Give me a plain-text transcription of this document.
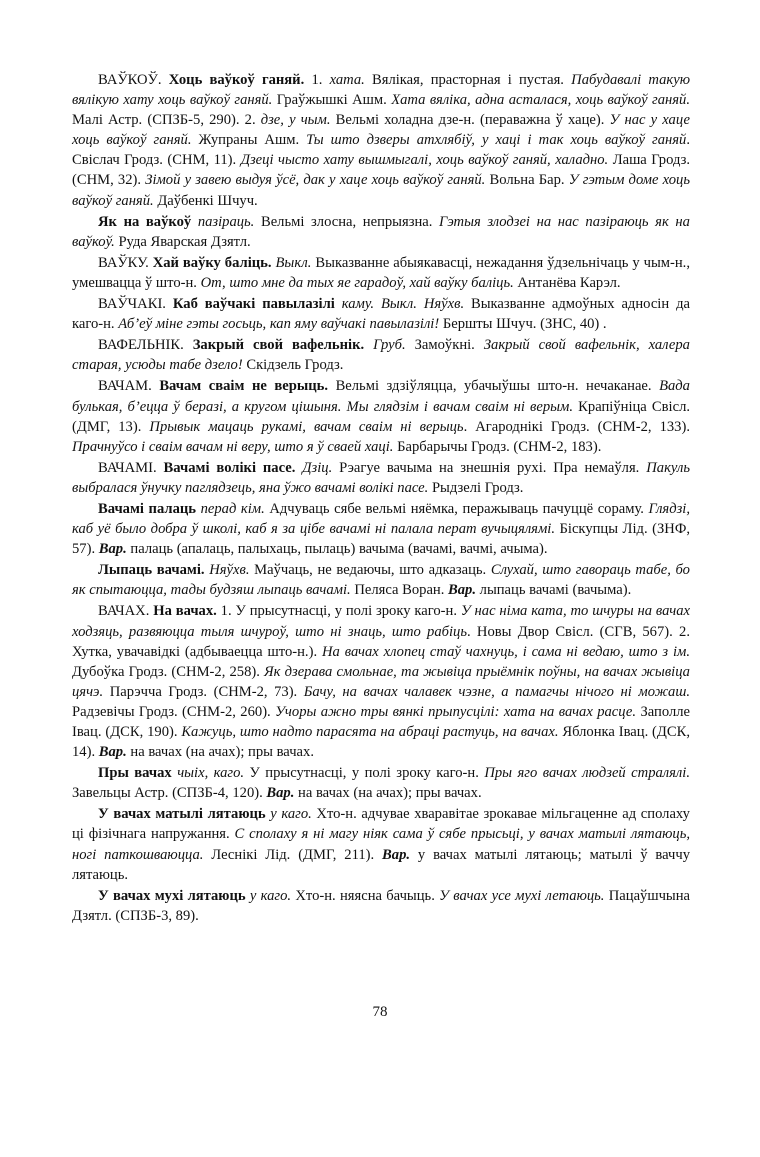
ВАЎКОЎ. Хоць ваўкоў ганяй. 1. хата. Вялікая, прасторная і пустая. Пабудавалі такую вялікую хату хоць ваўкоў ганяй. Граўжышкі Ашм. Хата вяліка, адна асталася, хоць ваўкоў ганяй. Малі Астр. (СПЗБ-5, 290). 2. дзе, у чым. Вельмі холадна дзе-н. (пераважна ў хаце). У нас у хаце хоць ваўкоў ганяй. Жупраны Ашм. Ты што дзверы атхлябіў, у хаці і так хоць ваўкоў ганяй. Свіслач Гродз. (СНМ, 11). Дзеці чысто хату вышмыгалі, хоць ваўкоў ганяй, халадно. Лаша Гродз. (СНМ, 32). Зімой у завею выдуя ўсё, дак у хаце хоць ваўкоў ганяй. Вольна Бар. У гэтым доме хоць ваўкоў ганяй. Даўбенкі Шчуч.

Як на ваўкоў пазіраць. Вельмі злосна, непрыязна. Гэтыя злодзеі на нас пазіраюць як на ваўкоў. Руда Яварская Дзятл.

ВАЎКУ. Хай ваўку баліць. Выкл. Выказванне абыякавасці, нежадання ўдзельнічаць у чым-н., умешвацца ў што-н. От, што мне да тых яе гарадоў, хай ваўку баліць. Антанёва Карэл.

ВАЎЧАКІ. Каб ваўчакі павылазілі каму. Выкл. Няўхв. Выказванне адмоўных адносін да каго-н. Аб’еў міне гэты госьць, кап яму ваўчакі павылазілі! Бершты Шчуч. (ЗНС, 40) .

ВАФЕЛЬНІК. Закрый свой вафельнік. Груб. Замоўкні. Закрый свой вафельнік, халера старая, усюды табе дзело! Скідзель Гродз.

ВАЧАМ. Вачам сваім не верыць. Вельмі здзіўляцца, убачыўшы што-н. нечаканае. Вада булькая, б’еццa ў беразі, а кругом цішыня. Мы глядзім і вачам сваім ні верым. Крапіўніца Свісл. (ДМГ, 13). Прывык мацаць рукамі, вачам сваім ні верыць. Агароднікі Гродз. (СНМ-2, 133). Прачнуўсо і сваім вачам ні веру, што я ў сваей хаці. Барбарычы Гродз. (СНМ-2, 183).

ВАЧАМІ. Вачамі волікі пасе. Дзіц. Рэагуе вачыма на знешнія рухі. Пра немаўля. Пакуль выбралася ўнучку паглядзець, яна ўжо вачамі волікі пасе. Рыдзелі Гродз.

Вачамі палаць перад кім. Адчуваць сябе вельмі няёмка, перажываць пачуццё сораму. Глядзі, каб уё было добра ў школі, каб я за цібе вачамі ні палала перат вучыцялямі. Біскупцы Лід. (ЗНФ, 57). Вар. палаць (апалаць, палыхаць, пылаць) вачыма (вачамі, вачмі, ачыма).

Лыпаць вачамі. Няўхв. Маўчаць, не ведаючы, што адказаць. Слухай, што гаворaць табе, бо як спытаюцца, тады будзяш лыпаць вачамі. Пеляса Воран. Вар. лыпаць вачамі (вачыма).

ВАЧАХ. На вачах. 1. У прысутнасці, у полі зроку каго-н. У нас німа ката, то шчуры на вачах ходзяць, развяюцца тыля шчуроў, што ні знаць, што рабіць. Новы Двор Свісл. (СГВ, 567). 2. Хутка, увачавідкі (адбываецца што-н.). На вачах хлопец стаў чахнуць, і сама ні ведаю, што з ім. Дубоўка Гродз. (СНМ-2, 258). Як дзерава смольнае, та жывіца прыёмнік поўны, на вачах жывіца цячэ. Парэчча Гродз. (СНМ-2, 73). Бачу, на вачах чалавек чэзне, а памагчы нічого ні можаш. Радзевічы Гродз. (СНМ-2, 260). Учоры ажно тры вянкі прыпусцілі: хата на вачах расце. Заполле Івац. (ДСК, 190). Кажуць, што надто парасята на абраці растуць, на вачах. Яблонка Івац. (ДСК, 14). Вар. на вачах (на ачах); пры вачах.

Пры вачах чыіх, каго. У прысутнасці, у полі зроку каго-н. Пры яго вачах людзей стралялі. Завельцы Астр. (СПЗБ-4, 120). Вар. на вачах (на ачах); пры вачах.

У вачах матылі лятаюць у каго. Хто-н. адчувае хваравітае зрокавае мільгаценне ад сполаху ці фізічнага напружання. С сполаху я ні магу ніяк сама ў сябе прысьці, у вачах матылі лятаюць, ногі паткошваюцца. Леснікі Лід. (ДМГ, 211). Вар. у вачах матылі лятаюць; матылі ў ваччу лятаюць.

У вачах мухі лятаюць у каго. Хто-н. няясна бачыць. У вачах усе мухі летаюць. Пацаўшчына Дзятл. (СПЗБ-3, 89).

78
